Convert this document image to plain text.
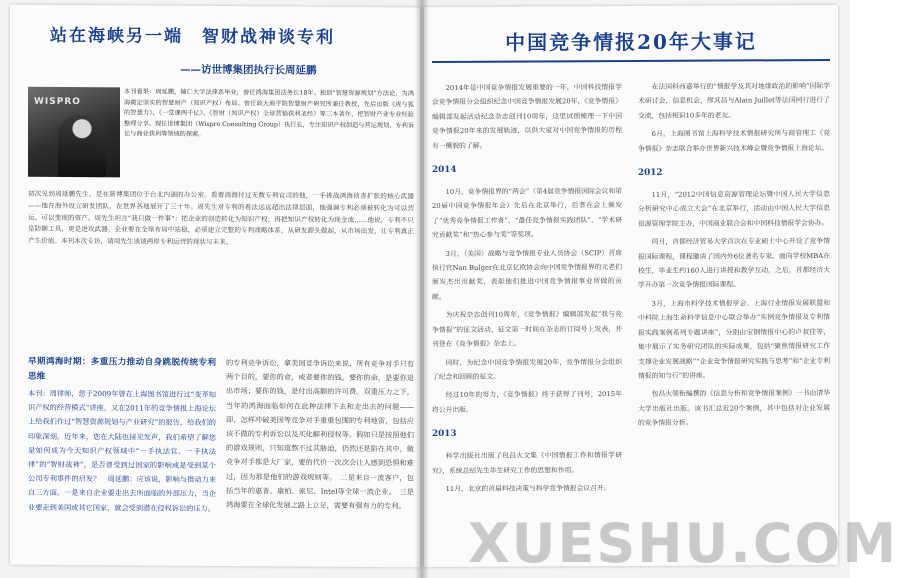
站在海峡另一端　智财战神谈专利
——访世博集团执行长周延鹏
WISPRO
本刊看果：周延鹏，辅仁大学法律系毕业，曾任鸿海集团法务长18年。独创“智慧资源规划”方法论，为鸿海奠定坚实的智慧财产（知识产权）布局。曾任政大商学院智慧财产研究所兼任教授，先后出版《虎与狐的智慧力》、《一堂课两千亿》、《智财（知识产权）全球营销获利圣经》等三本著作，把智财产业专业经验整理分享。现任世博集团（Wispro Consulting Group）执行长，专注知识产权创造与营运规划、专利诉讼与商业获利等领域的探索。
初次见到周延鹏先生，是在新博集团位于台北内湖的办公室。看着鸿海付过无数专利官司的他，一手挑战鸿海侦查扩张的核心武器——他在海外设立研发团队，在世界各地展开了三十年。周先生对专利的看法远远超出法律层面，他强调专利必须被转化为可以营运、可以变现的资产。周先生坦言“我只做一件事”：把企业的创造转化为知识产权，再把知识产权转化为现金流……他说，专利不只是防御工具，更是进攻武器，企业要在全球布局中站稳，必须建立完整的专利战略体系，从研发源头做起，从市场出发，让专利真正产生价值。本刊本次专访，请周先生谈谈两岸专利运营的现状与未来。
早期鸿海时期：多重压力推动自身跳脱传统专利思维
本刊：周律师，您于2009年曾在上海图书馆进行过“变革知识产权的经营模式”讲座，又在2011年的竞争情报上海论坛上给我们作过“智慧资源规划与产业研究”的报告，给我们的印象深刻。近年来，您在大陆也接见发声，我们希望了解您是如何成为今天知识产权领域中“一手执法官、一手执法律”的“智财战神”，是否曾受到过国家的影响或是受到某个公司专利事件的启发？　周延鹏：应该说，影响与推动力来自三方面。一是来自企业要走出去所面临的外部压力，当企业要走到美国或其它国家，就会受到潜在侵权诉讼的压力。
的专利竞争诉讼，拿美国竞争诉讼来说，所有竞争对手只有两个目的，要你的命，或者要你的钱。要你的命，是要你退出市场；要你的钱，是付出高额的许可费。双重压力之下，当年的鸿海面临如何在此种法律下去和走出去的问题——即，怎样冲破美国等竞争对手重重包围的专利地雷，包括应该不做的专利诉讼以及买化解利侵权等。假如只是按照他们的游戏规则，只知道熬不过其胁迫，仍然还是陷在其中，做竞争对手都是大厂家，要的代价一次次会让人感到恐惧和难过，因为那是他们的游戏规则等。　二是来自一流客户，包括当年的惠普、康柏、索尼、Intel等全球一流企业。　三是鸿海要在全球化发展之路上立足，需要有强有力的专利。
中国竞争情报20年大事记

2014年是中国竞争情报发展重要的一年，中国科技情报学会竞争情报分会组织纪念中国竞争情报发展20年，《竞争情报》编辑部发起活动纪念杂志创刊10周年，这里试图梳理一下中国竞争情报20年来的发展轨迹，以供大家对中国竞争情报的历程有一概貌的了解。

2014

10月，竞争情报界的“两会”（第4届竞争情报国际会议和第20届中国竞争情报年会）先后在北京举行，后者在会上颁发了“优秀竞争情报工作者”、“最佳竞争情报实践团队”、“学术研究贡献奖”和“热心参与奖”等奖项。

3月，（美国）战略与竞争情报专业人员协会（SCIP）首席执行官Nan Bulger在北京亿欧协会向中国竞争情报界的元老们颁发杰出贡献奖，表彰他们推进中国竞争情报事业所做的贡献。

为庆祝杂志创刊10周年，《竞争情报》编辑部发起“我与竞争情报”的征文活动，征文第一时间在杂志的订阅号上发表，并刊登在《竞争情报》杂志上。

同时，为纪念中国竞争情报发展20年，竞争情报分会组织了纪念和回顾的征文。

经过10年的努力，《竞争情报》终于获得了刊号，2015年将公开出版。

2013

科学出版社出版了包昌火文集《中国情报工作和情报学研究》，系统总结先生毕生研究工作的思想和作用。

11月，北京的首届科技决策与科学竞争情报会议召开。

在法国科西嘉举行的“情报学及其对地缘政治的影响”国际学术研讨会，信息机会，缪其昌与Alain Juillet等法国同行进行了交流，包括相识10多年的老友。

6月，上海图书馆上海科学技术情报研究所与商管理工《竞争情报》杂志联合举办世界新兴技术峰会暨竞争情报上海论坛。

2012

11月，“2012中国信息资源管理论坛暨中国人民大学信息分析研究中心成立大会”在北京举行，活动由中国人民大学信息资源管理学院主办，中国商业联合会和中国科技情报学会协办。

同月，首都经济贸易大学首次在专业硕士中心开设了竞争情报国际课程，课程邀请了国内外6位著名专家。面向学校MBA在校生，毕业生约160人进行讲授和教学互动，之后，首都经济大学开办第一次竞争情报国际课程。

3月，上海市科学技术情报学会、上海行业情报发展联盟和中科院上海生命科学信息中心联合举办“实例竞争情报及专利情报实践案例系列专题讲座”，分别由宝钢情报中心的卢叔佳等，集中展示了实务研究团队的实际成果，包括“聚焦情报研究工作支撑企业发展战略”“企业竞争情报研究实践与思考”和“企业专利情报的知与行”的讲座。

包昌火领衔编撰的《信息分析和竞争情报案例》一书由清华大学出版社出版。该书汇总近20个案例，其中包括对企业发展的竞争情报分析。

XUESHU.COM
